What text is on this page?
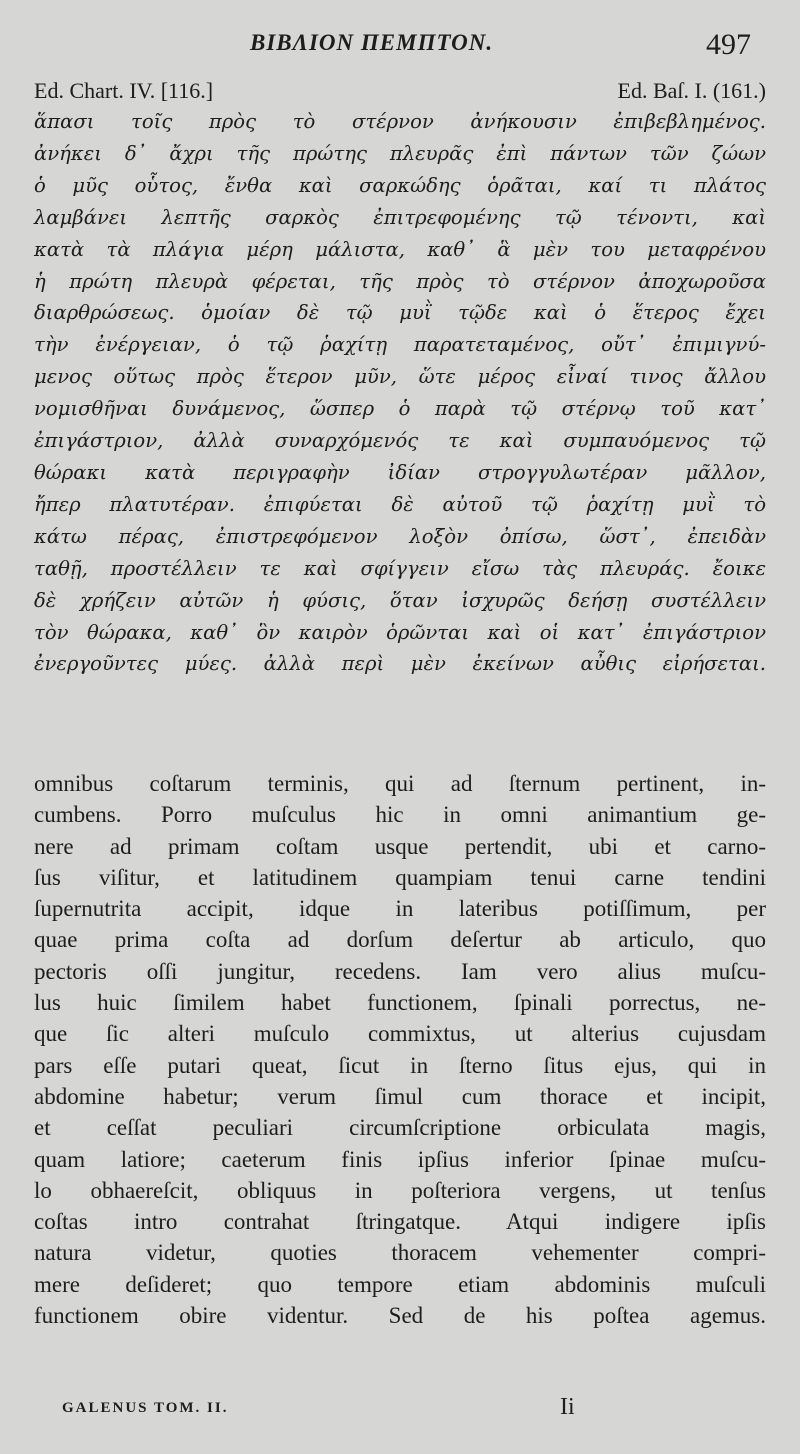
BIBΛΙΟΝ ΠΕΜΠΤΟΝ.	497
Ed. Chart. IV. [116.]	Ed. Baſ. I. (161.)
ἅπασι τοῖς πρὸς τὸ στέρνον ἀνήκουσιν ἐπιβεβλημένος.
ἀνήκει δ᾽ ἄχρι τῆς πρώτης πλευρᾶς ἐπὶ πάντων τῶν ζώων
ὁ μῦς οὗτος, ἔνθα καὶ σαρκώδης ὁρᾶται, καί τι πλάτος
λαμβάνει λεπτῆς σαρκὸς ἐπιτρεφομένης τῷ τένοντι, καὶ
κατὰ τὰ πλάγια μέρη μάλιστα, καθ᾽ ἃ μὲν του μεταφρένου
ἡ πρώτη πλευρὰ φέρεται, τῆς πρὸς τὸ στέρνον ἀποχωροῦσα
διαρθρώσεως. ὁμοίαν δὲ τῷ μυῒ τῷδε καὶ ὁ ἕτερος ἔχει
τὴν ἐνέργειαν, ὁ τῷ ῥαχίτῃ παρατεταμένος, οὔτ᾽ ἐπιμιγνύ-
μενος οὕτως πρὸς ἕτερον μῦν, ὥτε μέρος εἶναί τινος ἄλλου
νομισθῆναι δυνάμενος, ὥσπερ ὁ παρὰ τῷ στέρνῳ τοῦ κατ᾽
ἐπιγάστριον, ἀλλὰ συναρχόμενός τε καὶ συμπαυόμενος τῷ
θώρακι κατὰ περιγραφὴν ἰδίαν στρογγυλωτέραν μᾶλλον,
ἤπερ πλατυτέραν. ἐπιφύεται δὲ αὐτοῦ τῷ ῥαχίτῃ μυῒ τὸ
κάτω πέρας, ἐπιστρεφόμενον λοξὸν ὀπίσω, ὥστ᾽, ἐπειδὰν
ταθῇ, προστέλλειν τε καὶ σφίγγειν εἴσω τὰς πλευράς. ἔοικε
δὲ χρήζειν αὐτῶν ἡ φύσις, ὅταν ἰσχυρῶς δεήσῃ συστέλλειν
τὸν θώρακα, καθ᾽ ὃν καιρὸν ὁρῶνται καὶ οἱ κατ᾽ ἐπιγάστριον
ἐνεργοῦντες μύες. ἀλλὰ περὶ μὲν ἐκείνων αὖθις εἰρήσεται.
omnibus coſtarum terminis, qui ad ſternum pertinent, in-
cumbens. Porro muſculus hic in omni animantium ge-
nere ad primam coſtam usque pertendit, ubi et carno-
ſus viſitur, et latitudinem quampiam tenui carne tendini
ſupernutrita accipit, idque in lateribus potiſſimum, per
quae prima coſta ad dorſum deſertur ab articulo, quo
pectoris oſſi jungitur, recedens. Iam vero alius muſcu-
lus huic ſimilem habet functionem, ſpinali porrectus, ne-
que ſic alteri muſculo commixtus, ut alterius cujusdam
pars eſſe putari queat, ſicut in ſterno ſitus ejus, qui in
abdomine habetur; verum ſimul cum thorace et incipit,
et ceſſat peculiari circumſcriptione orbiculata magis,
quam latiore; caeterum finis ipſius inferior ſpinae muſcu-
lo obhaereſcit, obliquus in poſteriora vergens, ut tenſus
coſtas intro contrahat ſtringatque. Atqui indigere ipſis
natura videtur, quoties thoracem vehementer compri-
mere deſideret; quo tempore etiam abdominis muſculi
functionem obire videntur. Sed de his poſtea agemus.
GALENUS TOM. II.	Ii
